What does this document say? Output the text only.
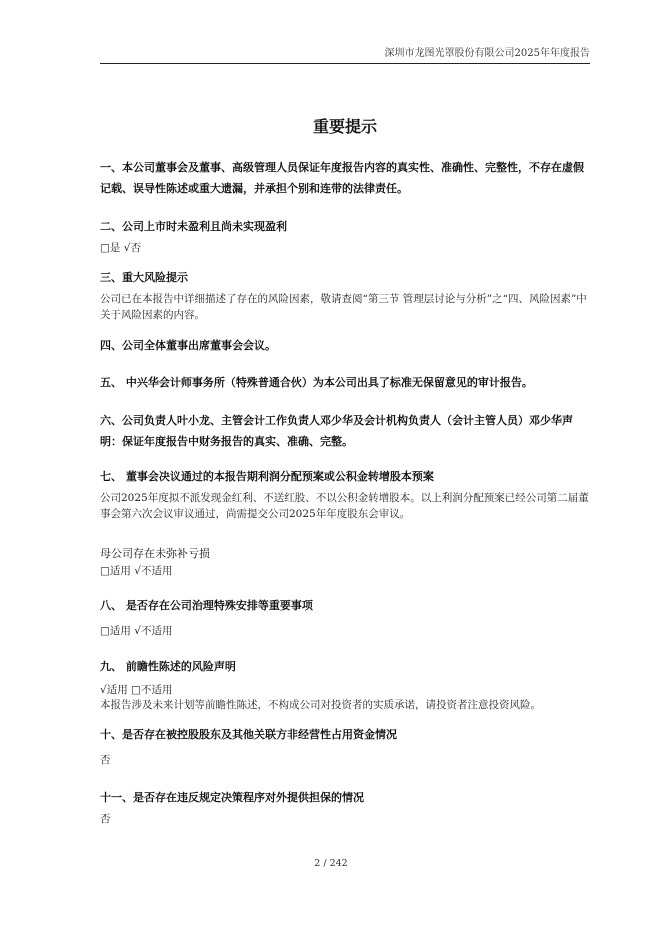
深圳市龙图光罩股份有限公司2025年年度报告
重要提示
一、本公司董事会及董事、高级管理人员保证年度报告内容的真实性、准确性、完整性，不存在虚假记载、误导性陈述或重大遗漏，并承担个别和连带的法律责任。
二、公司上市时未盈利且尚未实现盈利
□是 √否
三、重大风险提示
公司已在本报告中详细描述了存在的风险因素，敬请查阅“第三节 管理层讨论与分析”之“四、风险因素”中关于风险因素的内容。
四、公司全体董事出席董事会会议。
五、 中兴华会计师事务所（特殊普通合伙）为本公司出具了标准无保留意见的审计报告。
六、公司负责人叶小龙、主管会计工作负责人邓少华及会计机构负责人（会计主管人员）邓少华声明：保证年度报告中财务报告的真实、准确、完整。
七、 董事会决议通过的本报告期利润分配预案或公积金转增股本预案
公司2025年度拟不派发现金红利、不送红股、不以公积金转增股本。以上利润分配预案已经公司第二届董事会第六次会议审议通过，尚需提交公司2025年年度股东会审议。
母公司存在未弥补亏损
□适用 √不适用
八、 是否存在公司治理特殊安排等重要事项
□适用 √不适用
九、 前瞻性陈述的风险声明
√适用 □不适用
本报告涉及未来计划等前瞻性陈述，不构成公司对投资者的实质承诺，请投资者注意投资风险。
十、是否存在被控股股东及其他关联方非经营性占用资金情况
否
十一、是否存在违反规定决策程序对外提供担保的情况
否
2 / 242
